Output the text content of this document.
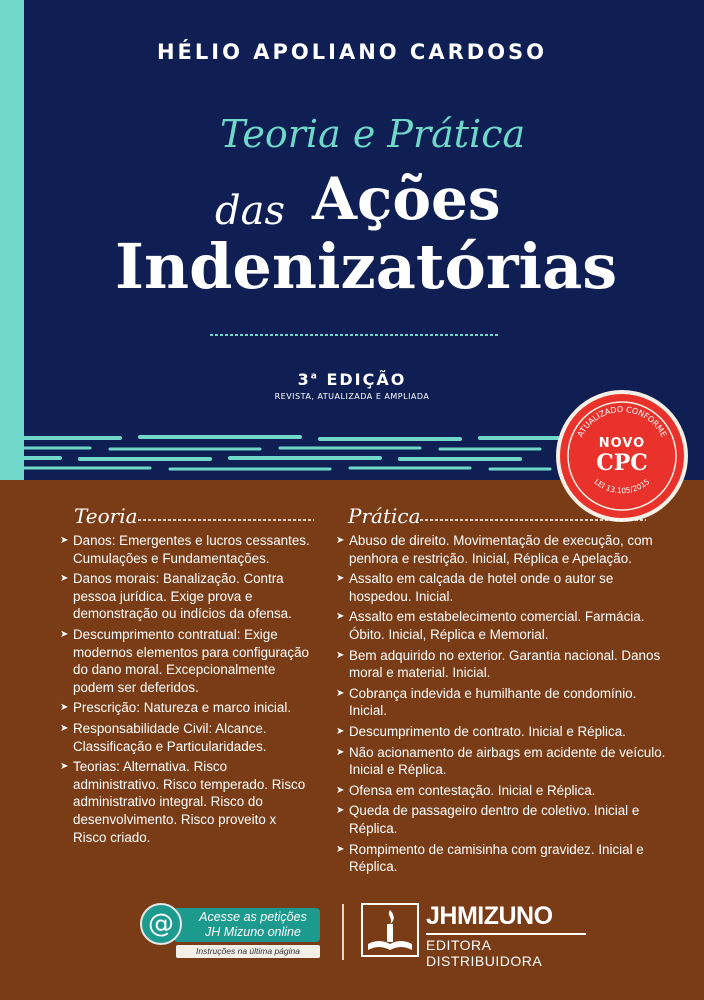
HÉLIO APOLIANO CARDOSO
Teoria e Prática
das Ações
Indenizatórias
3$^a$ EDIÇÃO
REVISTA, ATUALIZADA E AMPLIADA
ATUALIZADO CONFORME
LEI 13.105/2015
NOVO
CPC
Teoria	Prática
➤ Danos: Emergentes e lucros cessantes. Cumulações e Fundamentações.
➤ Danos morais: Banalização. Contra pessoa jurídica. Exige prova e demonstração ou indícios da ofensa.
➤ Descumprimento contratual: Exige modernos elementos para configuração do dano moral. Excepcionalmente podem ser deferidos.
➤ Prescrição: Natureza e marco inicial.
➤ Responsabilidade Civil: Alcance. Classificação e Particularidades.
➤ Teorias: Alternativa. Risco administrativo. Risco temperado. Risco administrativo integral. Risco do desenvolvimento. Risco proveito x Risco criado.
➤ Abuso de direito. Movimentação de execução, com penhora e restrição. Inicial, Réplica e Apelação.
➤ Assalto em calçada de hotel onde o autor se hospedou. Inicial.
➤ Assalto em estabelecimento comercial. Farmácia. Óbito. Inicial, Réplica e Memorial.
➤ Bem adquirido no exterior. Garantia nacional. Danos moral e material. Inicial.
➤ Cobrança indevida e humilhante de condomínio. Inicial.
➤ Descumprimento de contrato. Inicial e Réplica.
➤ Não acionamento de airbags em acidente de veículo. Inicial e Réplica.
➤ Ofensa em contestação. Inicial e Réplica.
➤ Queda de passageiro dentro de coletivo. Inicial e Réplica.
➤ Rompimento de camisinha com gravidez. Inicial e Réplica.
Acesse as petições
JH Mizuno online
@
Instruções na última página
JHMIZUNO
EDITORA DISTRIBUIDORA
